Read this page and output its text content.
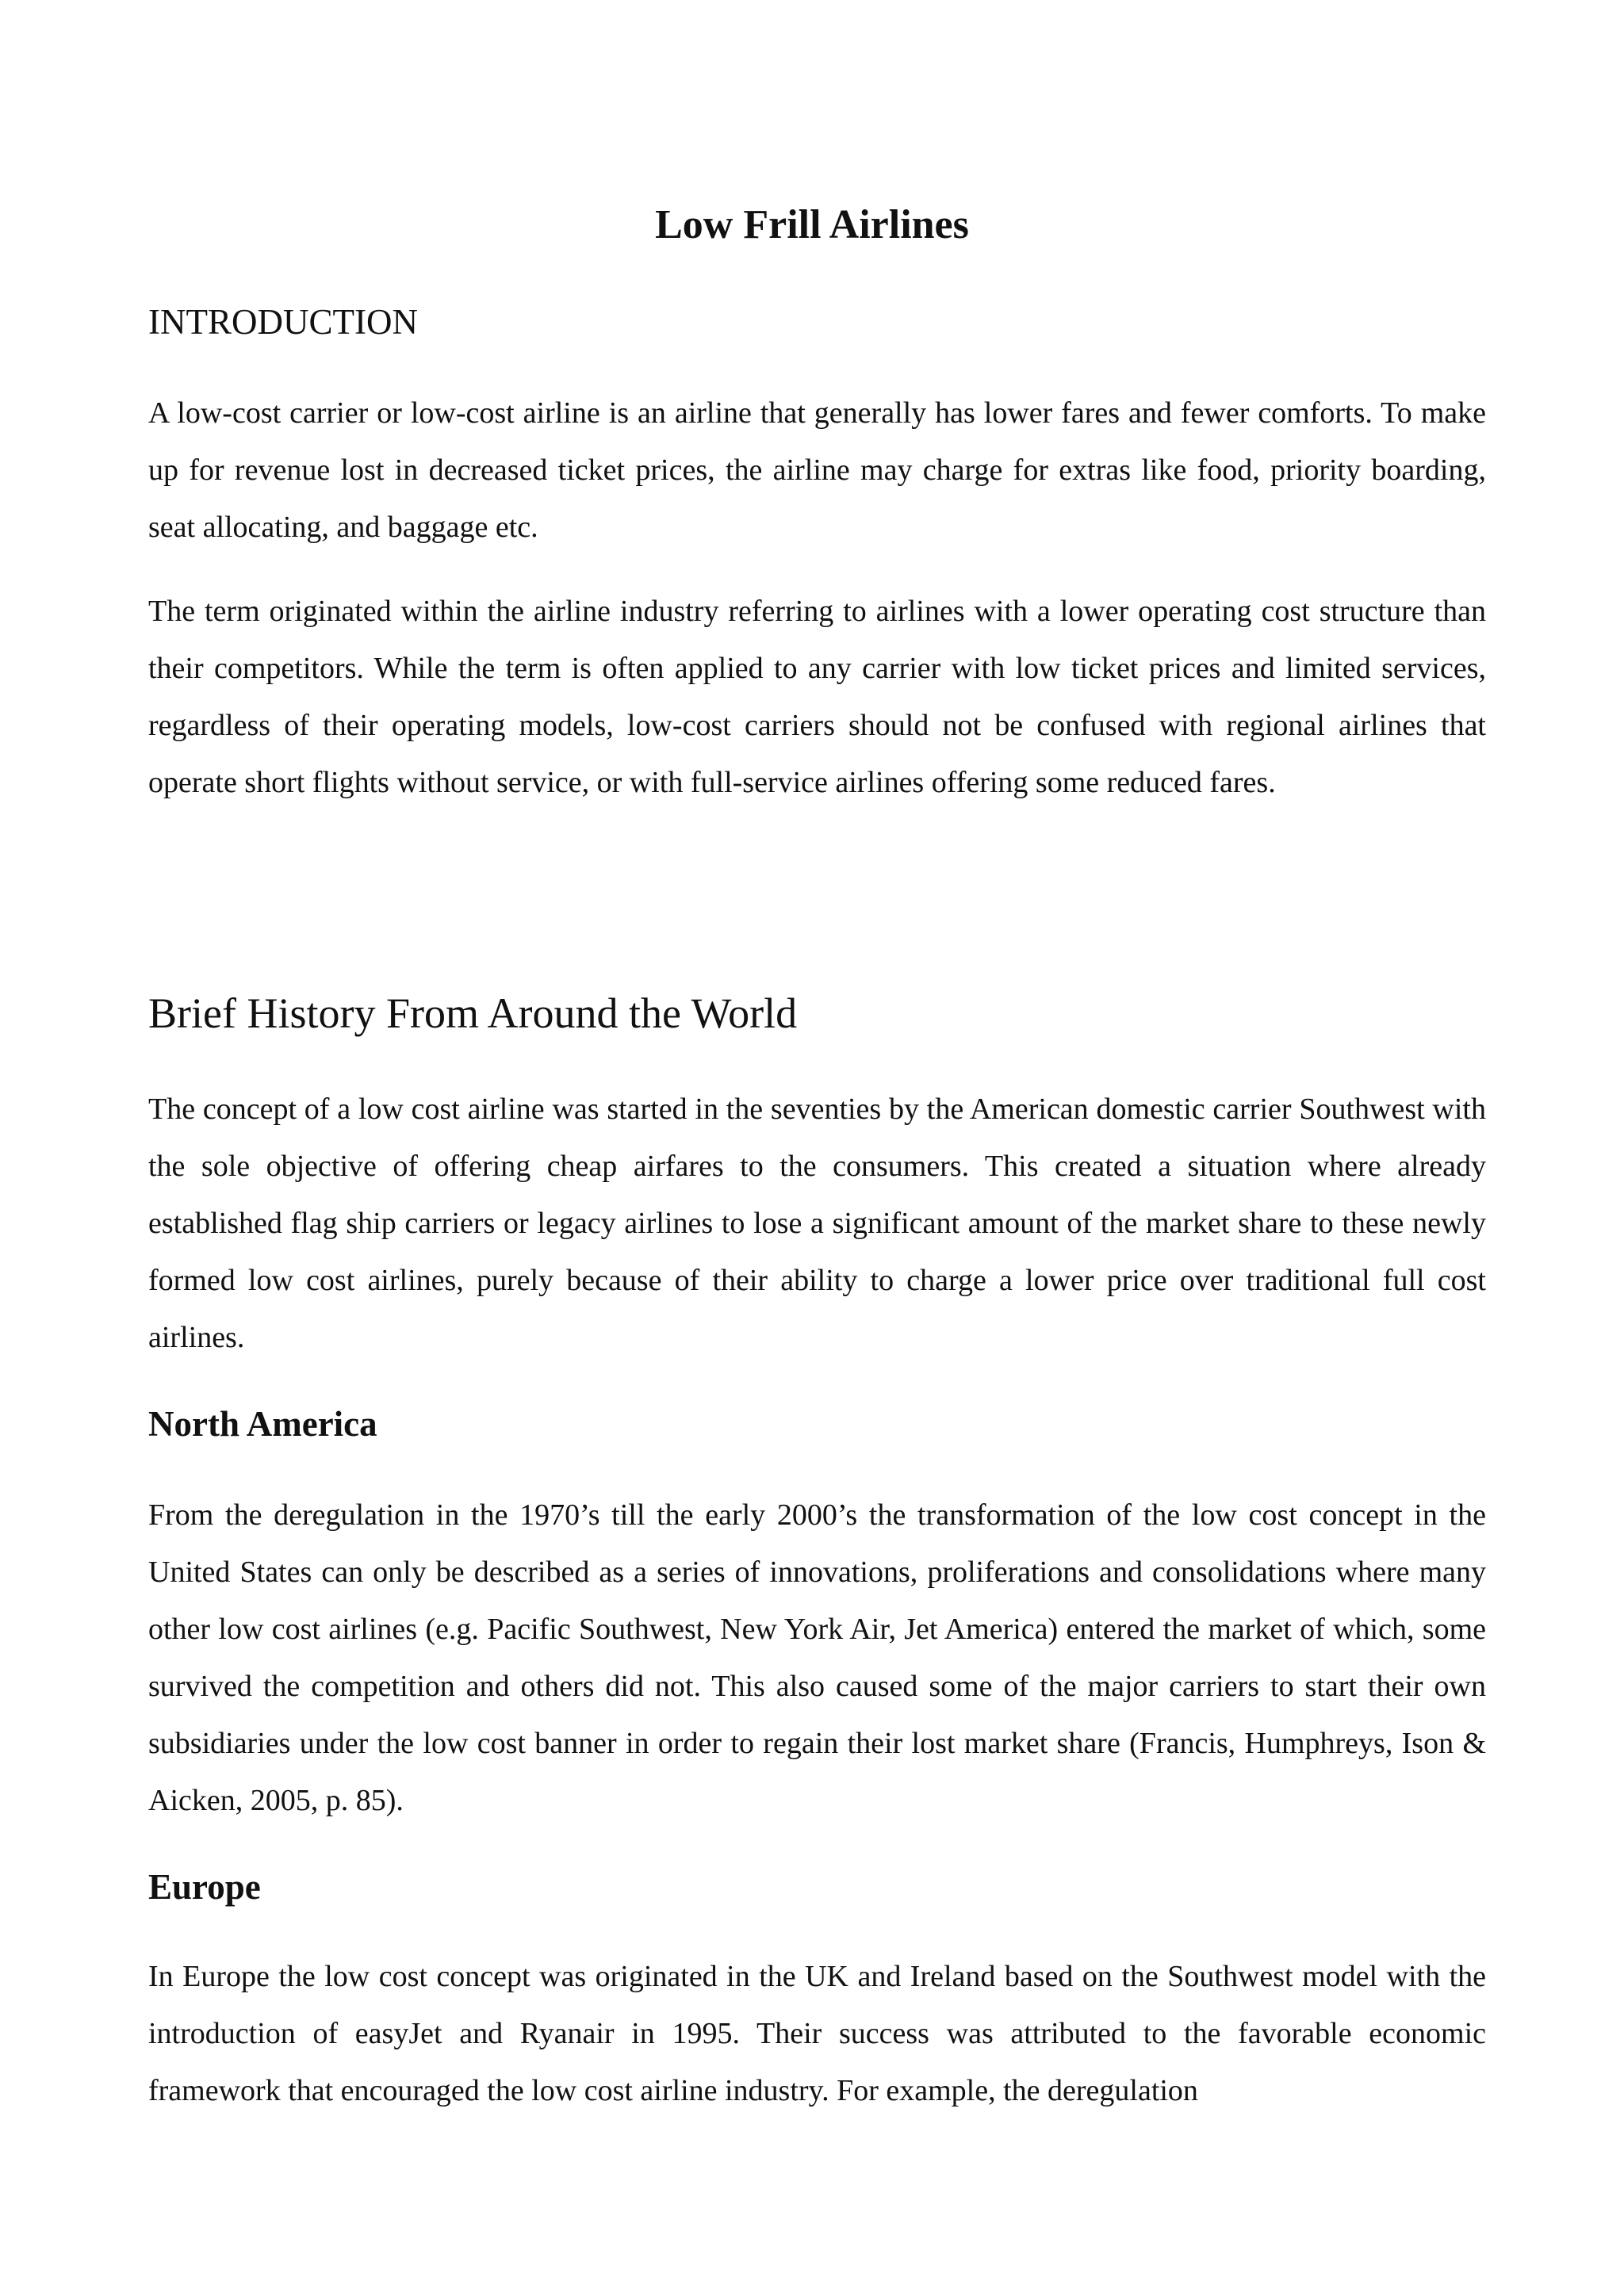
Low Frill Airlines
INTRODUCTION

A low-cost carrier or low-cost airline is an airline that generally has lower fares and fewer comforts. To make up for revenue lost in decreased ticket prices, the airline may charge for extras like food, priority boarding, seat allocating, and baggage etc.

The term originated within the airline industry referring to airlines with a lower operating cost structure than their competitors. While the term is often applied to any carrier with low ticket prices and limited services, regardless of their operating models, low-cost carriers should not be confused with regional airlines that operate short flights without service, or with full-service airlines offering some reduced fares.

Brief History From Around the World

The concept of a low cost airline was started in the seventies by the American domestic carrier Southwest with the sole objective of offering cheap airfares to the consumers. This created a situation where already established flag ship carriers or legacy airlines to lose a significant amount of the market share to these newly formed low cost airlines, purely because of their ability to charge a lower price over traditional full cost airlines.

North America

From the deregulation in the 1970’s till the early 2000’s the transformation of the low cost concept in the United States can only be described as a series of innovations, proliferations and consolidations where many other low cost airlines (e.g. Pacific Southwest, New York Air, Jet America) entered the market of which, some survived the competition and others did not. This also caused some of the major carriers to start their own subsidiaries under the low cost banner in order to regain their lost market share (Francis, Humphreys, Ison & Aicken, 2005, p. 85).

Europe

In Europe the low cost concept was originated in the UK and Ireland based on the Southwest model with the introduction of easyJet and Ryanair in 1995. Their success was attributed to the favorable economic framework that encouraged the low cost airline industry. For example, the deregulation
